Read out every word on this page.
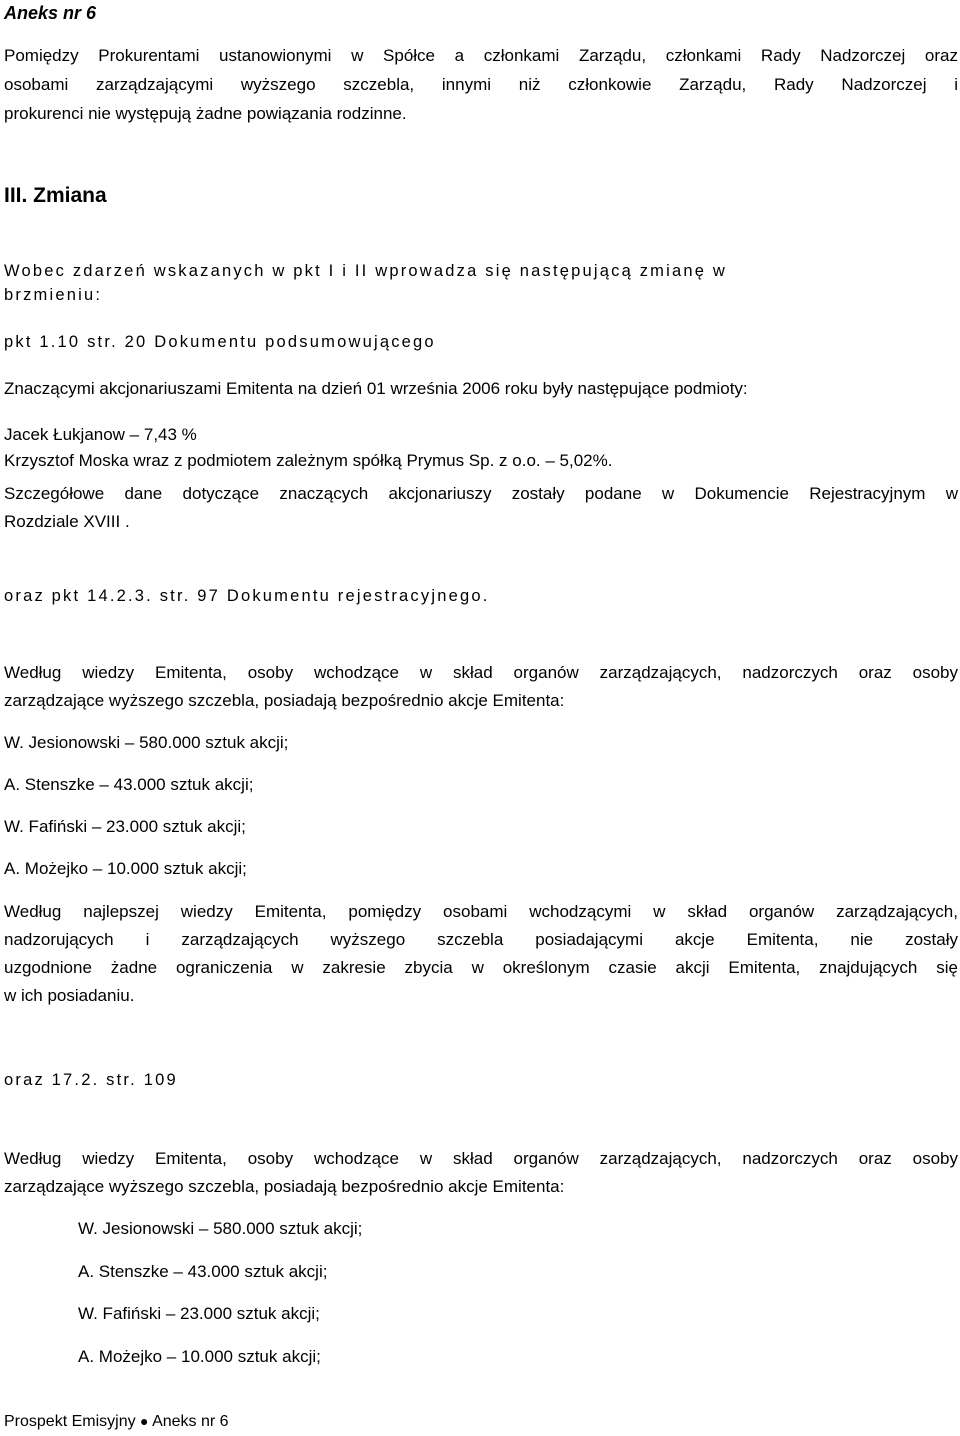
Aneks nr 6
Pomiędzy Prokurentami ustanowionymi w Spółce a członkami Zarządu, członkami Rady Nadzorczej oraz
osobami zarządzającymi wyższego szczebla, innymi niż członkowie Zarządu, Rady Nadzorczej i
prokurenci nie występują żadne powiązania rodzinne.
III. Zmiana
Wobec zdarzeń wskazanych w pkt I i II wprowadza się następującą zmianę w
brzmieniu:
pkt 1.10 str. 20 Dokumentu podsumowującego
Znaczącymi akcjonariuszami Emitenta na dzień 01 września 2006 roku były następujące podmioty:
Jacek Łukjanow – 7,43 %
Krzysztof Moska wraz z podmiotem zależnym spółką Prymus Sp. z o.o. – 5,02%.
Szczegółowe dane dotyczące znaczących akcjonariuszy zostały podane w Dokumencie Rejestracyjnym w
Rozdziale XVIII .
oraz pkt 14.2.3. str. 97 Dokumentu rejestracyjnego.
Według wiedzy Emitenta, osoby wchodzące w skład organów zarządzających, nadzorczych oraz osoby
zarządzające wyższego szczebla, posiadają bezpośrednio akcje Emitenta:
W. Jesionowski – 580.000 sztuk akcji;
A. Stenszke – 43.000 sztuk akcji;
W. Fafiński – 23.000 sztuk akcji;
A. Możejko – 10.000 sztuk akcji;
Według najlepszej wiedzy Emitenta, pomiędzy osobami wchodzącymi w skład organów zarządzających,
nadzorujących i zarządzających wyższego szczebla posiadającymi akcje Emitenta, nie zostały
uzgodnione żadne ograniczenia w zakresie zbycia w określonym czasie akcji Emitenta, znajdujących się
w ich posiadaniu.
oraz 17.2. str. 109
Według wiedzy Emitenta, osoby wchodzące w skład organów zarządzających, nadzorczych oraz osoby
zarządzające wyższego szczebla, posiadają bezpośrednio akcje Emitenta:
W. Jesionowski – 580.000 sztuk akcji;
A. Stenszke – 43.000 sztuk akcji;
W. Fafiński – 23.000 sztuk akcji;
A. Możejko – 10.000 sztuk akcji;
Prospekt Emisyjny ● Aneks nr 6
